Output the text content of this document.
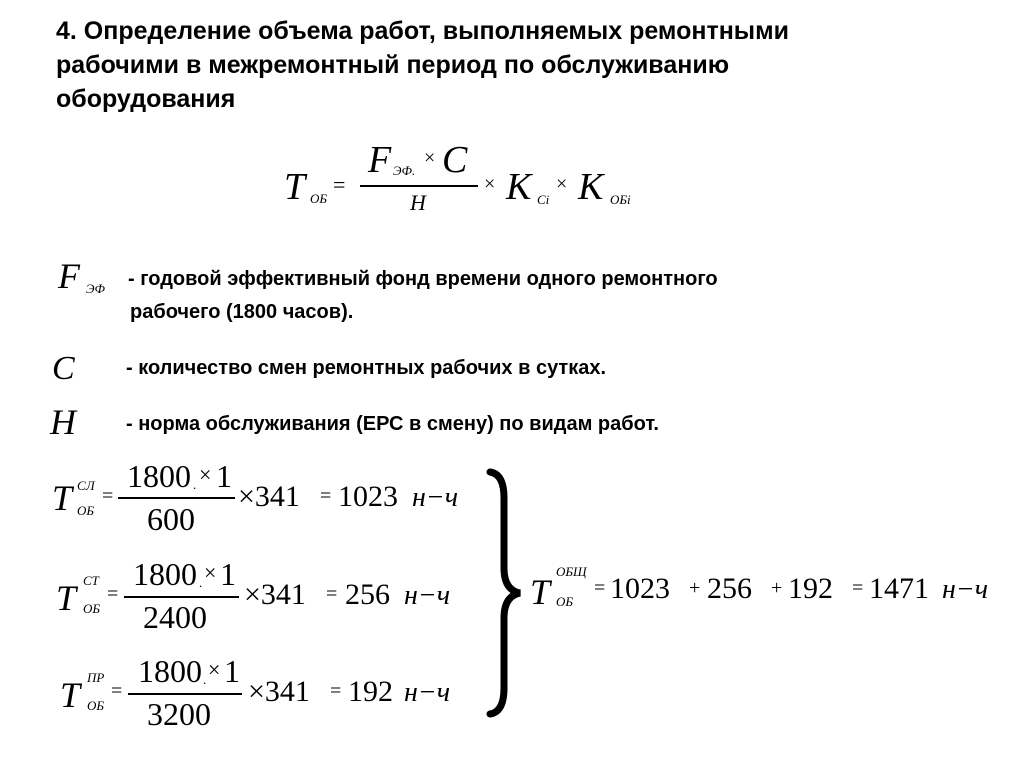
4. Определение объема работ, выполняемых ремонтными
рабочими в межремонтный период по обслуживанию
оборудования
T ОБ
=
F ЭФ.
× C
H
× K Ci
× K ОБi
F ЭФ - годовой эффективный фонд времени одного ремонтного
рабочего (1800 часов).
C	- количество смен ремонтных рабочих в сутках.
H	- норма обслуживания (ЕРС в смену) по видам работ.
T СЛ
ОБ
=
1800 . × 1
600
×341 = 1023 н−ч
T СТ
ОБ
=
1800 . × 1
2400
×341 = 256 н−ч
T ПР
ОБ
=
1800 . × 1
3200
×341 = 192 н−ч
T
ОБЩ
ОБ
= 1023 + 256 + 192 = 1471 н−ч
